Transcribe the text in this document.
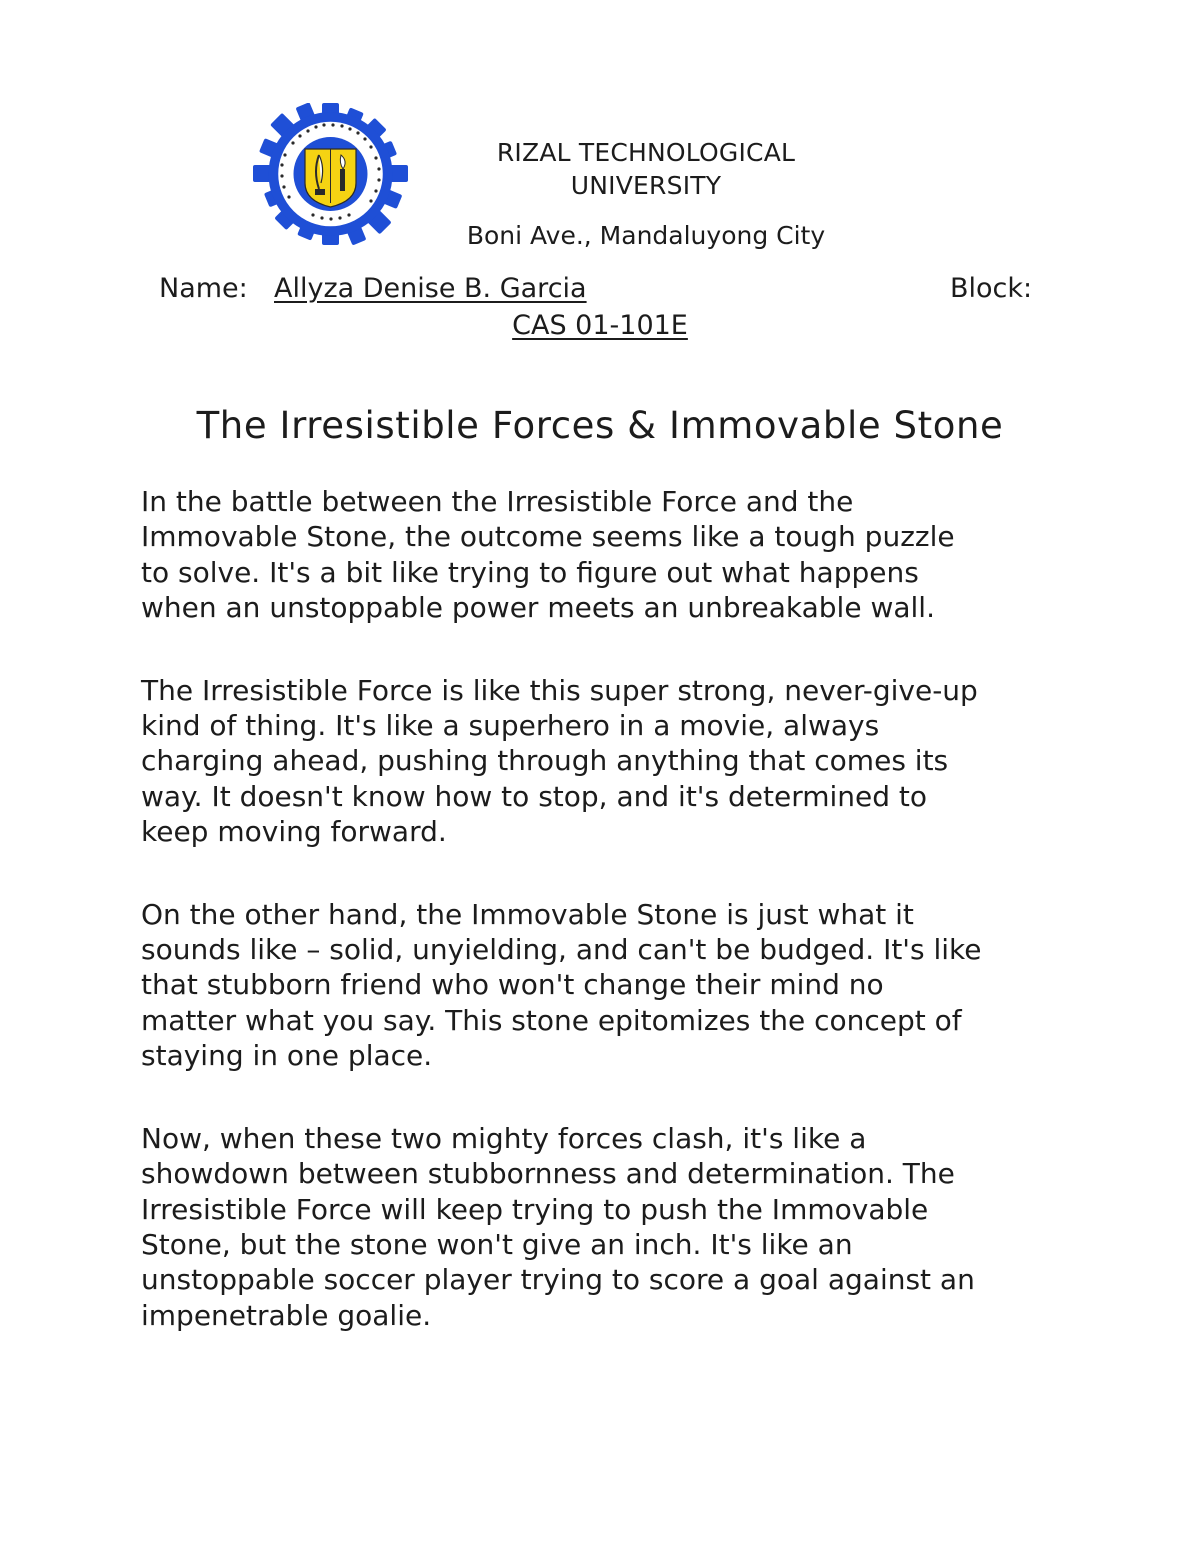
RIZAL TECHNOLOGICAL UNIVERSITY
Boni Ave., Mandaluyong City
Name: Allyza Denise B. Garcia	Block:
CAS 01-101E
The Irresistible Forces & Immovable Stone

In the battle between the Irresistible Force and the
Immovable Stone, the outcome seems like a tough puzzle
to solve. It's a bit like trying to figure out what happens
when an unstoppable power meets an unbreakable wall.

The Irresistible Force is like this super strong, never-give-up
kind of thing. It's like a superhero in a movie, always
charging ahead, pushing through anything that comes its
way. It doesn't know how to stop, and it's determined to
keep moving forward.

On the other hand, the Immovable Stone is just what it
sounds like – solid, unyielding, and can't be budged. It's like
that stubborn friend who won't change their mind no
matter what you say. This stone epitomizes the concept of
staying in one place.

Now, when these two mighty forces clash, it's like a
showdown between stubbornness and determination. The
Irresistible Force will keep trying to push the Immovable
Stone, but the stone won't give an inch. It's like an
unstoppable soccer player trying to score a goal against an
impenetrable goalie.
